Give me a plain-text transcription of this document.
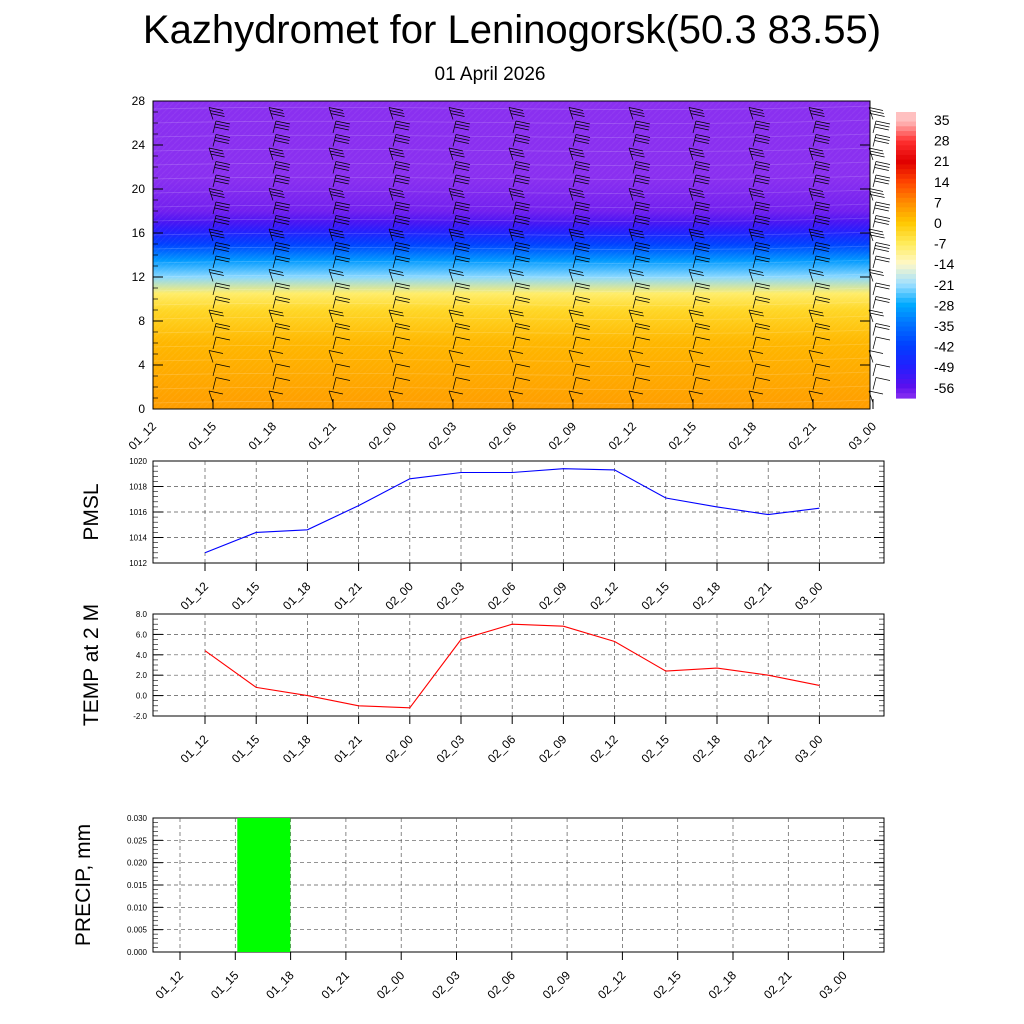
Kazhydromet for Leninogorsk(50.3 83.55)
01 April 2026
0
4
8
12
16
20
24
28
01_12 01_15 01_18 01_21 02_00 02_03 02_06 02_09 02_12 02_15 02_18 02_21 03_00
35
28
21
14
7
0
-7
-14
-21
-28
-35
-42
-49
-56
01_12 01_15 01_18 01_21 02_00 02_03 02_06 02_09 02_12 02_15 02_18 02_21 03_00
1012
1014
1016
1018
1020
PMSL
01_12 01_15 01_18 01_21 02_00 02_03 02_06 02_09 02_12 02_15 02_18 02_21 03_00
-2.0
0.0
2.0
4.0
6.0
8.0
TEMP at 2 M
01_12 01_15 01_18 01_21 02_00 02_03 02_06 02_09 02_12 02_15 02_18 02_21 03_00
0.000
0.005
0.010
0.015
0.020
0.025
0.030
PRECIP, mm
